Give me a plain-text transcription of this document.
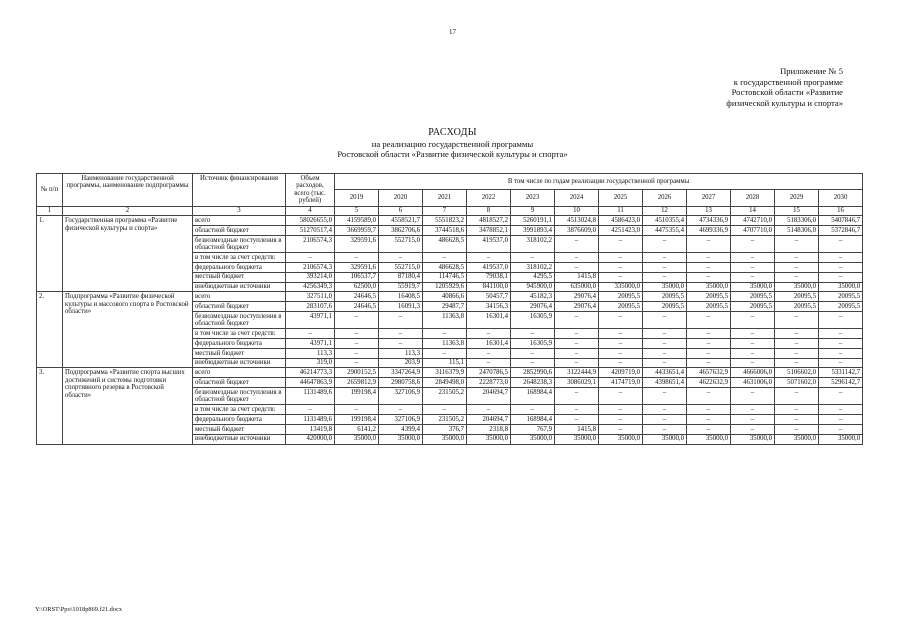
17
Приложение № 5
к государственной программе
Ростовской области «Развитие
физической культуры и спорта»
РАСХОДЫ
на реализацию государственной программы
Ростовской области «Развитие физической культуры и спорта»
№ п/п	Наименование государственной программы, наименование подпрограммы	Источник финансирования	Объем расходов, всего (тыс. рублей)	В том числе по годам реализации государственной программы											
				2019	2020	2021	2022	2023	2024	2025	2026	2027	2028	2029	2030
1	2	3	4	5	6	7	8	9	10	11	12	13	14	15	16
1.	Государственная программа «Развитие физической культуры и спорта»	всего	58026655,0	4159589,0	4558521,7	5551823,2	4818527,2	5260191,1	4513024,8	4586423,0	4510355,4	4734336,9	4742710,0	5183306,0	5407846,7
		областной бюджет	51270517,4	3669959,7	3862706,6	3744518,6	3478852,1	3991893,4	3876609,0	4251423,0	4475355,4	4699336,9	4707710,0	5148306,0	5372846,7
		безвозмездные поступления в областной бюджет	2106574,3	329591,6	552715,0	486628,5	419537,0	318102,2	–	–	–	–	–	–	–
		в том числе за счет средств:	–	–	–	–	–	–	–	–	–	–	–	–	–
		федерального бюджета	2106574,3	329591,6	552715,0	486628,5	419537,0	318102,2	–	–	–	–	–	–	–
		местный бюджет	393214,0	106537,7	87180,4	114746,5	79038,1	4295,5	1415,8	–	–	–	–	–	–
		внебюджетные источники	4256349,3	62500,0	55919,7	1205929,6	841100,0	945900,0	635000,0	335000,0	35000,0	35000,0	35000,0	35000,0	35000,0
2.	Подпрограмма «Развитие физической культуры и массового спорта в Ростовской области»	всего	327511,0	24646,5	16408,5	40866,6	50457,7	45182,3	29076,4	20095,5	20095,5	20095,5	20095,5	20095,5	20095,5
		областной бюджет	283107,6	24646,5	16091,3	29487,7	34156,3	29076,4	29076,4	20095,5	20095,5	20095,5	20095,5	20095,5	20095,5
		безвозмездные поступления в областной бюджет	43971,1	–	–	11363,8	16301,4	16305,9	–	–	–	–	–	–	–
		в том числе за счет средств:	–	–	–	–	–	–	–	–	–	–	–	–	–
		федерального бюджета	43971,1	–	–	11363,8	16301,4	16305,9	–	–	–	–	–	–	–
		местный бюджет	113,3	–	113,3	–	–	–	–	–	–	–	–	–	–
		внебюджетные источники	319,0	–	203,9	115,1	–	–	–	–	–	–	–	–	–
3.	Подпрограмма «Развитие спорта высших достижений и системы подготовки спортивного резерва в Ростовской области»	всего	46214773,3	2900152,5	3347264,9	3116379,9	2470786,5	2852990,6	3122444,9	4209719,0	4433651,4	4657632,9	4666006,0	5106602,0	5331142,7
		областной бюджет	44647863,9	2659812,9	2980758,6	2849498,0	2228773,0	2648238,3	3086029,1	4174719,0	4398651,4	4622632,9	4631006,0	5071602,0	5296142,7
		безвозмездные поступления в областной бюджет	1131489,6	199198,4	327106,9	231505,2	204694,7	168984,4	–	–	–	–	–	–	–
		в том числе за счет средств:	–	–	–	–	–	–	–	–	–	–	–	–	–
		федерального бюджета	1131489,6	199198,4	327106,9	231505,2	204694,7	168984,4	–	–	–	–	–	–	–
		местный бюджет	13419,8	6141,2	4399,4	376,7	2318,8	767,9	1415,8	–	–	–	–	–	–
		внебюджетные источники	420000,0	35000,0	35000,0	35000,0	35000,0	35000,0	35000,0	35000,0	35000,0	35000,0	35000,0	35000,0	35000,0
Y:\ORST\Ppo\1018p869.f21.docx
